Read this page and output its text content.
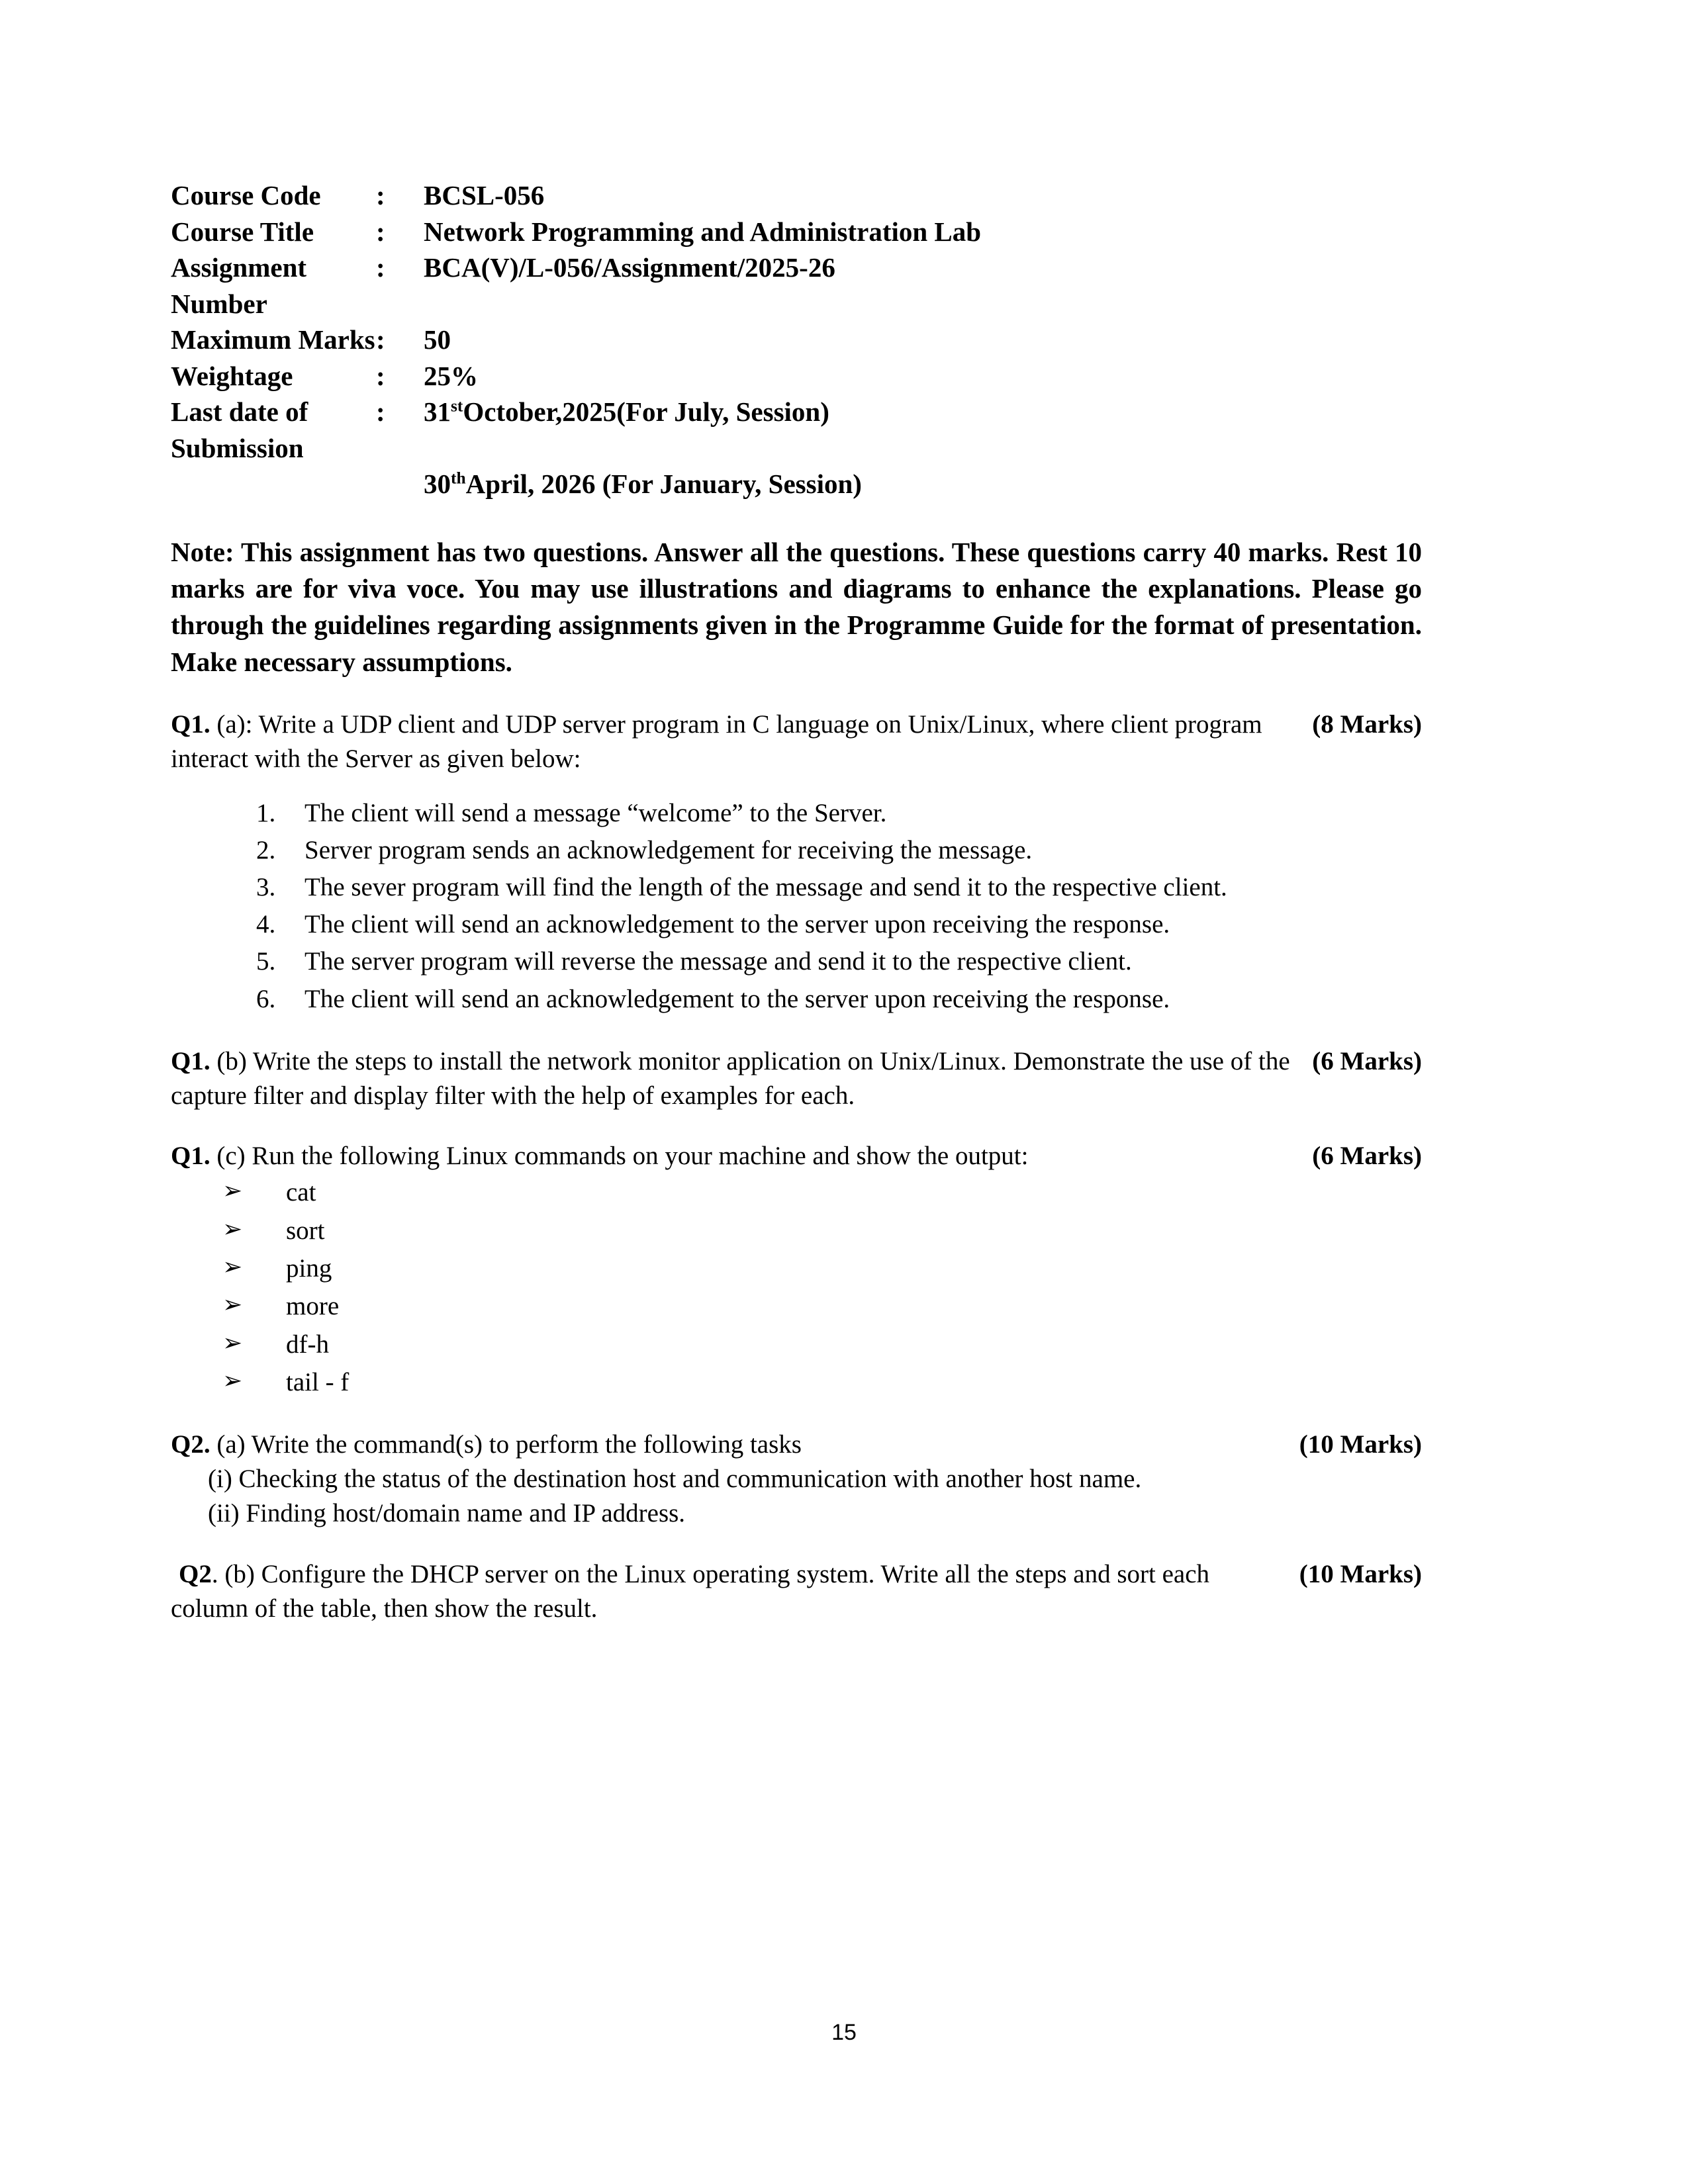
Course Code	:	BCSL-056
Course Title	:	Network Programming and Administration Lab
Assignment Number	:	BCA(V)/L-056/Assignment/2025-26
Maximum Marks	:	50
Weightage	:	25%
Last date of Submission	:	31stOctober,2025(For July, Session)
		30thApril, 2026 (For January, Session)

Note: This assignment has two questions. Answer all the questions. These questions carry 40 marks. Rest 10 marks are for viva voce. You may use illustrations and diagrams to enhance the explanations. Please go through the guidelines regarding assignments given in the Programme Guide for the format of presentation. Make necessary assumptions.

(8 Marks)
Q1. (a): Write a UDP client and UDP server program in C language on Unix/Linux, where client program interact with the Server as given below:
1. The client will send a message “welcome” to the Server.
2. Server program sends an acknowledgement for receiving the message.
3. The sever program will find the length of the message and send it to the respective client.
4. The client will send an acknowledgement to the server upon receiving the response.
5. The server program will reverse the message and send it to the respective client.
6. The client will send an acknowledgement to the server upon receiving the response.
(6 Marks)
Q1. (b) Write the steps to install the network monitor application on Unix/Linux. Demonstrate the use of the capture filter and display filter with the help of examples for each.
(6 Marks)
Q1. (c) Run the following Linux commands on your machine and show the output:
➢ cat
➢ sort
➢ ping
➢ more
➢ df-h
➢ tail - f
(10 Marks)
Q2. (a) Write the command(s) to perform the following tasks
(i) Checking the status of the destination host and communication with another host name.
(ii) Finding host/domain name and IP address.
(10 Marks)
Q2. (b) Configure the DHCP server on the Linux operating system. Write all the steps and sort each column of the table, then show the result.
15
